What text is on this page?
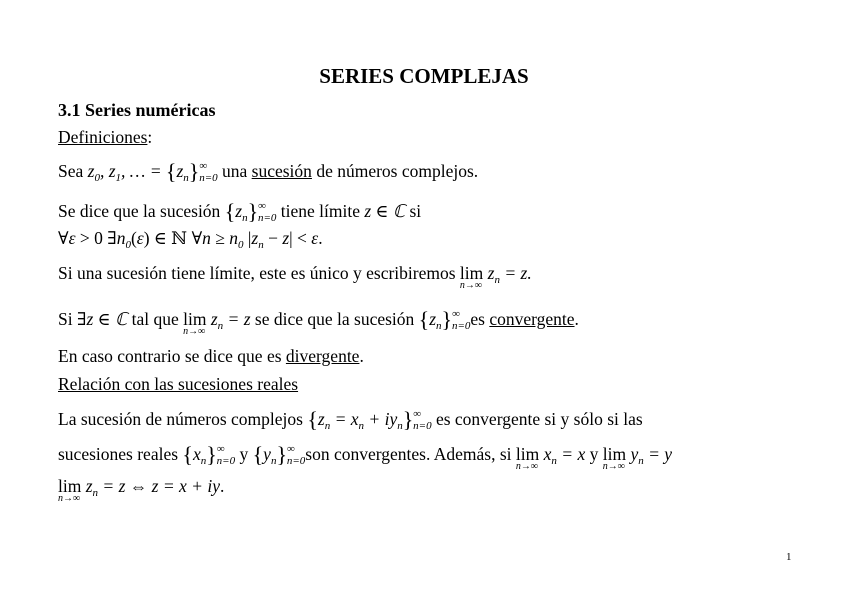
SERIES COMPLEJAS
3.1 Series numéricas
Definiciones:
Sea $z_0$, $z_1$, … = $\{z_n\}^\infty_{n=0}$ una sucesión de números complejos.
Se dice que la sucesión $\{z_n\}^\infty_{n=0}$ tiene límite z ∈ ℂ si
∀ε > 0 $\exists n_0(\varepsilon)$ ∈ ℕ ∀n ≥ $n_0$ $|z_n - z| < \varepsilon$.
Si una sucesión tiene límite, este es único y escribiremos lim
n→∞
$z_n = z$.
Si ∃z ∈ ℂ tal que lim
n→∞
$z_n = z$ se dice que la sucesión $\{z_n\}^\infty_{n=0}es$ convergente.
En caso contrario se dice que es divergente.
Relación con las sucesiones reales
La sucesión de números complejos $\{z_n = x_n + iy_n\}^\infty_{n=0}$ es convergente si y sólo si las
sucesiones reales $\{x_n\}^\infty_{n=0}$ y $\{y_n\}^\infty_{n=0}son$ convergentes. Además, si lim
n→∞
$x_n = x$ y lim
n→∞
$y_n = y$
lim
n→∞
$z_n = z$ ⇔ z = x + iy.
1
